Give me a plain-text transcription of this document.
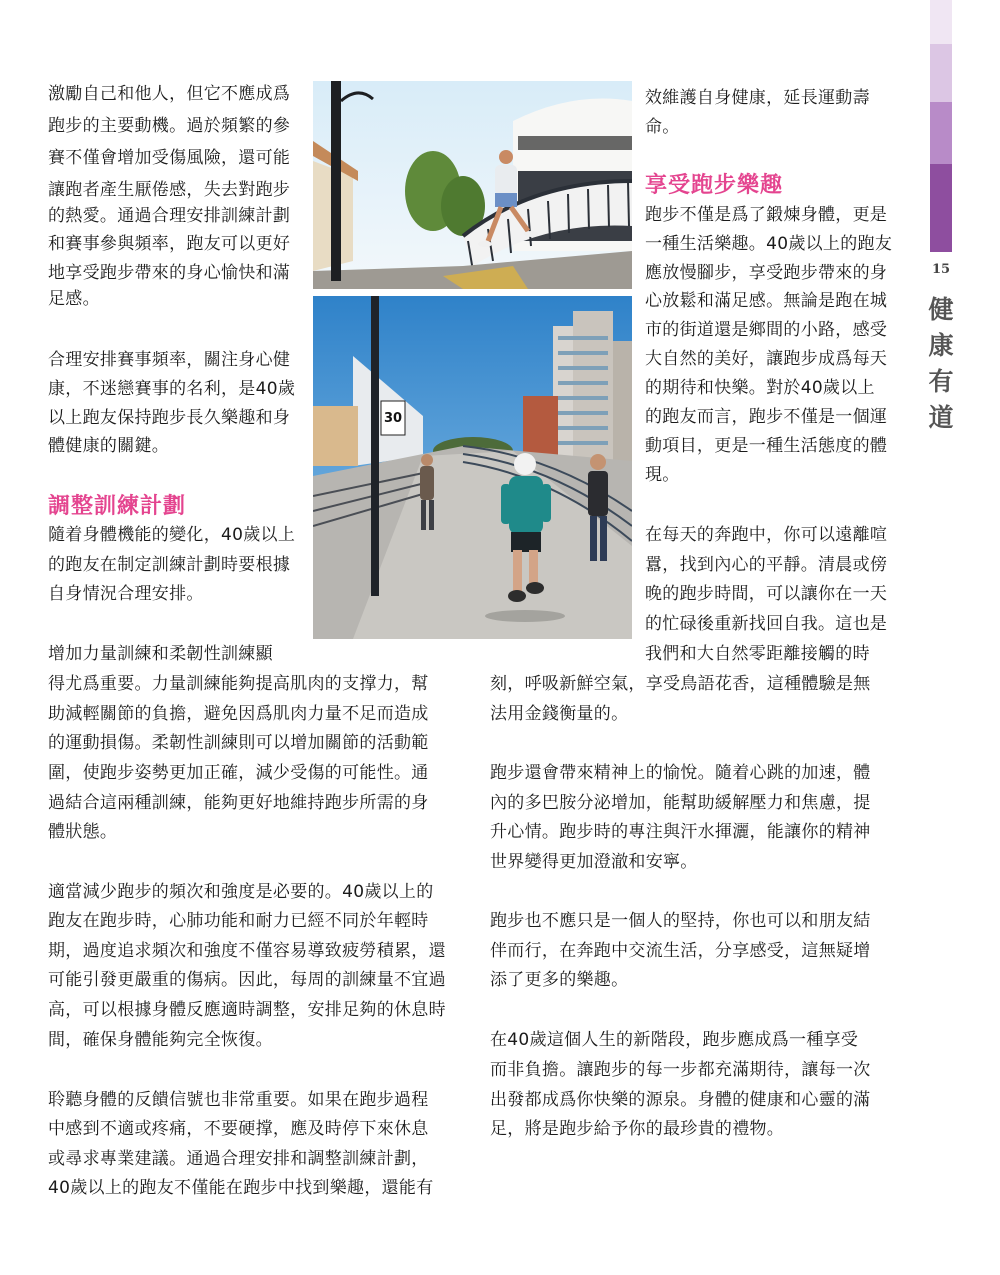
15
健
康
有
道
30
激勵自己和他人，但它不應成爲
跑步的主要動機。過於頻繁的參
賽不僅會增加受傷風險，還可能
讓跑者產生厭倦感，失去對跑步
的熱愛。通過合理安排訓練計劃
和賽事參與頻率，跑友可以更好
地享受跑步帶來的身心愉快和滿
足感。
合理安排賽事頻率，關注身心健
康，不迷戀賽事的名利，是40歲
以上跑友保持跑步長久樂趣和身
體健康的關鍵。
調整訓練計劃
隨着身體機能的變化，40歲以上
的跑友在制定訓練計劃時要根據
自身情況合理安排。
增加力量訓練和柔韌性訓練顯
得尤爲重要。力量訓練能夠提高肌肉的支撑力，幫
助減輕關節的負擔，避免因爲肌肉力量不足而造成
的運動損傷。柔韌性訓練則可以增加關節的活動範
圍，使跑步姿勢更加正確，減少受傷的可能性。通
過結合這兩種訓練，能夠更好地維持跑步所需的身
體狀態。
適當減少跑步的頻次和強度是必要的。40歲以上的
跑友在跑步時，心肺功能和耐力已經不同於年輕時
期，過度追求頻次和強度不僅容易導致疲勞積累，還
可能引發更嚴重的傷病。因此，每周的訓練量不宜過
高，可以根據身體反應適時調整，安排足夠的休息時
間，確保身體能夠完全恢復。
聆聽身體的反饋信號也非常重要。如果在跑步過程
中感到不適或疼痛，不要硬撑，應及時停下來休息
或尋求專業建議。通過合理安排和調整訓練計劃，
40歲以上的跑友不僅能在跑步中找到樂趣，還能有
效維護自身健康，延長運動壽
命。
享受跑步樂趣
跑步不僅是爲了鍛煉身體，更是
一種生活樂趣。40歲以上的跑友
應放慢腳步，享受跑步帶來的身
心放鬆和滿足感。無論是跑在城
市的街道還是鄉間的小路，感受
大自然的美好，讓跑步成爲每天
的期待和快樂。對於40歲以上
的跑友而言，跑步不僅是一個運
動項目，更是一種生活態度的體
現。
在每天的奔跑中，你可以遠離喧
囂，找到內心的平靜。清晨或傍
晚的跑步時間，可以讓你在一天
的忙碌後重新找回自我。這也是
我們和大自然零距離接觸的時
刻，呼吸新鮮空氣，享受鳥語花香，這種體驗是無
法用金錢衡量的。
跑步還會帶來精神上的愉悅。隨着心跳的加速，體
內的多巴胺分泌增加，能幫助緩解壓力和焦慮，提
升心情。跑步時的專注與汗水揮灑，能讓你的精神
世界變得更加澄澈和安寧。
跑步也不應只是一個人的堅持，你也可以和朋友結
伴而行，在奔跑中交流生活，分享感受，這無疑增
添了更多的樂趣。
在40歲這個人生的新階段，跑步應成爲一種享受
而非負擔。讓跑步的每一步都充滿期待，讓每一次
出發都成爲你快樂的源泉。身體的健康和心靈的滿
足，將是跑步給予你的最珍貴的禮物。
